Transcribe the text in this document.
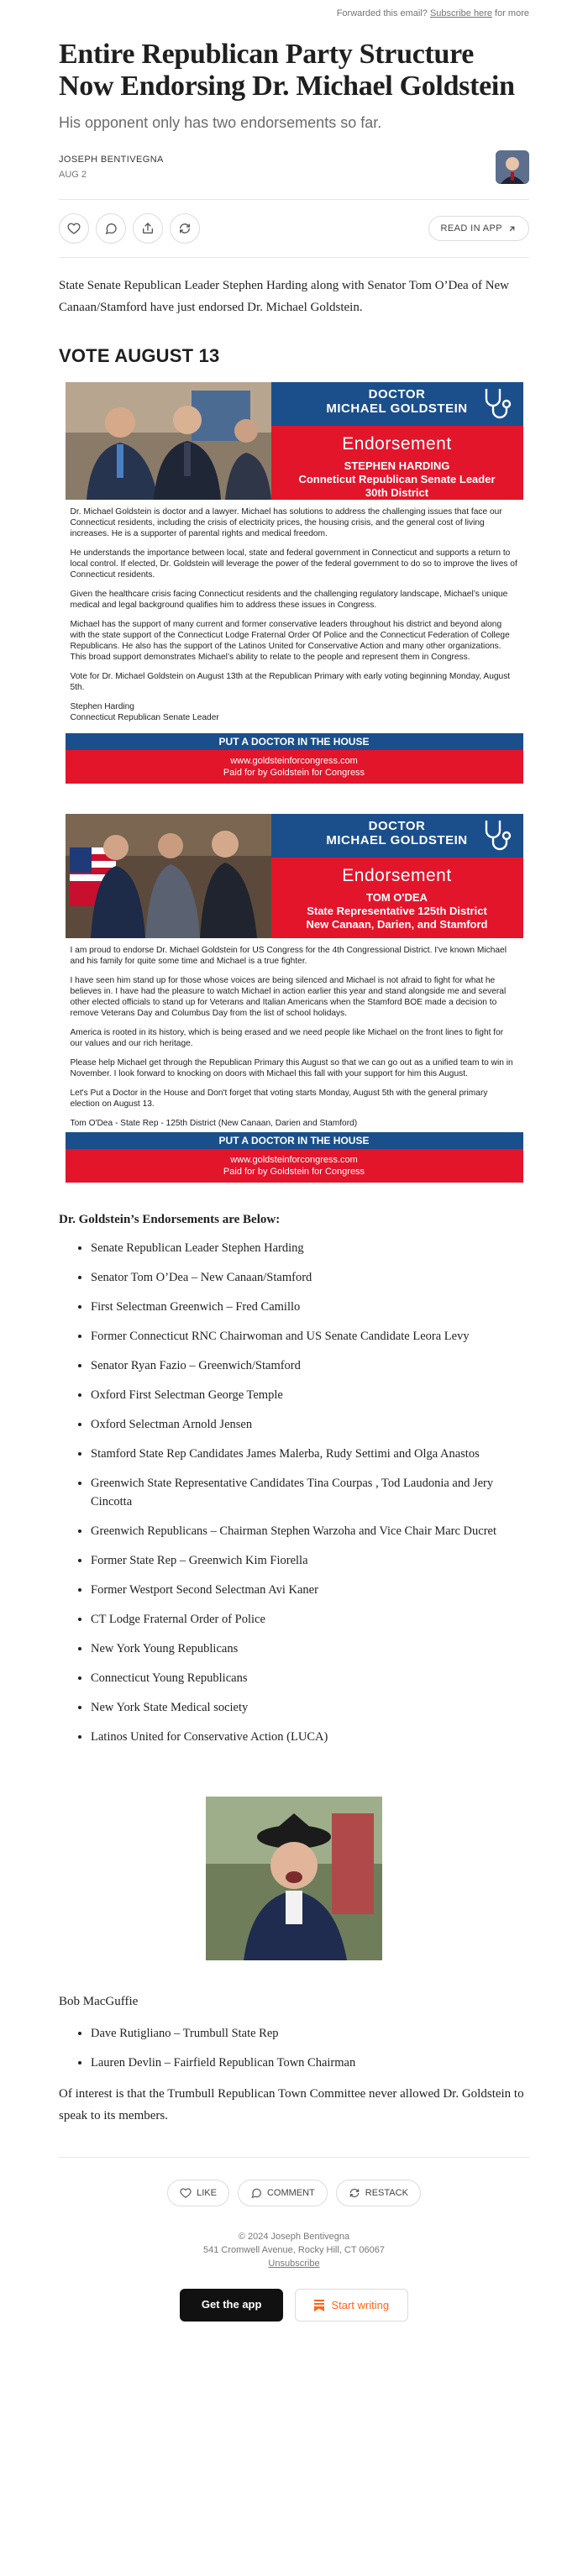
Forwarded this email? Subscribe here for more
Entire Republican Party Structure Now Endorsing Dr. Michael Goldstein
His opponent only has two endorsements so far.
JOSEPH BENTIVEGNA
AUG 2
READ IN APP

State Senate Republican Leader Stephen Harding along with Senator Tom O’Dea of New Canaan/Stamford have just endorsed Dr. Michael Goldstein.

VOTE AUGUST 13
DOCTOR
MICHAEL GOLDSTEIN
Endorsement
STEPHEN HARDING
Conneticut Republican Senate Leader
30th District

Dr. Michael Goldstein is doctor and a lawyer. Michael has solutions to address the challenging issues that face our Connecticut residents, including the crisis of electricity prices, the housing crisis, and the general cost of living increases. He is a supporter of parental rights and medical freedom.

He understands the importance between local, state and federal government in Connecticut and supports a return to local control. If elected, Dr. Goldstein will leverage the power of the federal government to do so to improve the lives of Connecticut residents.

Given the healthcare crisis facing Connecticut residents and the challenging regulatory landscape, Michael’s unique medical and legal background qualifies him to address these issues in Congress.

Michael has the support of many current and former conservative leaders throughout his district and beyond along with the state support of the Connecticut Lodge Fraternal Order Of Police and the Connecticut Federation of College Republicans. He also has the support of the Latinos United for Conservative Action and many other organizations. This broad support demonstrates Michael’s ability to relate to the people and represent them in Congress.

Vote for Dr. Michael Goldstein on August 13th at the Republican Primary with early voting beginning Monday, August 5th.

Stephen Harding
Connecticut Republican Senate Leader

PUT A DOCTOR IN THE HOUSE
www.goldsteinforcongress.com
Paid for by Goldstein for Congress
DOCTOR
MICHAEL GOLDSTEIN
Endorsement
TOM O'DEA
State Representative 125th District
New Canaan, Darien, and Stamford

I am proud to endorse Dr. Michael Goldstein for US Congress for the 4th Congressional District. I've known Michael and his family for quite some time and Michael is a true fighter.

I have seen him stand up for those whose voices are being silenced and Michael is not afraid to fight for what he believes in. I have had the pleasure to watch Michael in action earlier this year and stand alongside me and several other elected officials to stand up for Veterans and Italian Americans when the Stamford BOE made a decision to remove Veterans Day and Columbus Day from the list of school holidays.

America is rooted in its history, which is being erased and we need people like Michael on the front lines to fight for our values and our rich heritage.

Please help Michael get through the Republican Primary this August so that we can go out as a unified team to win in November. I look forward to knocking on doors with Michael this fall with your support for him this August.

Let's Put a Doctor in the House and Don't forget that voting starts Monday, August 5th with the general primary election on August 13.

Tom O'Dea - State Rep - 125th District (New Canaan, Darien and Stamford)

PUT A DOCTOR IN THE HOUSE
www.goldsteinforcongress.com
Paid for by Goldstein for Congress
Dr. Goldstein’s Endorsements are Below:
• Senate Republican Leader Stephen Harding
• Senator Tom O’Dea – New Canaan/Stamford
• First Selectman Greenwich – Fred Camillo
• Former Connecticut RNC Chairwoman and US Senate Candidate Leora Levy
• Senator Ryan Fazio – Greenwich/Stamford
• Oxford First Selectman George Temple
• Oxford Selectman Arnold Jensen
• Stamford State Rep Candidates James Malerba, Rudy Settimi and Olga Anastos
• Greenwich State Representative Candidates Tina Courpas , Tod Laudonia and Jery Cincotta
• Greenwich Republicans – Chairman Stephen Warzoha and Vice Chair Marc Ducret
• Former State Rep – Greenwich Kim Fiorella
• Former Westport Second Selectman Avi Kaner
• CT Lodge Fraternal Order of Police
• New York Young Republicans
• Connecticut Young Republicans
• New York State Medical society
• Latinos United for Conservative Action (LUCA)

Bob MacGuffie

• Dave Rutigliano – Trumbull State Rep
• Lauren Devlin – Fairfield Republican Town Chairman

Of interest is that the Trumbull Republican Town Committee never allowed Dr. Goldstein to speak to its members.

LIKE	COMMENT	RESTACK
© 2024 Joseph Bentivegna
541 Cromwell Avenue, Rocky Hill, CT 06067
Unsubscribe
Get the app	Start writing
